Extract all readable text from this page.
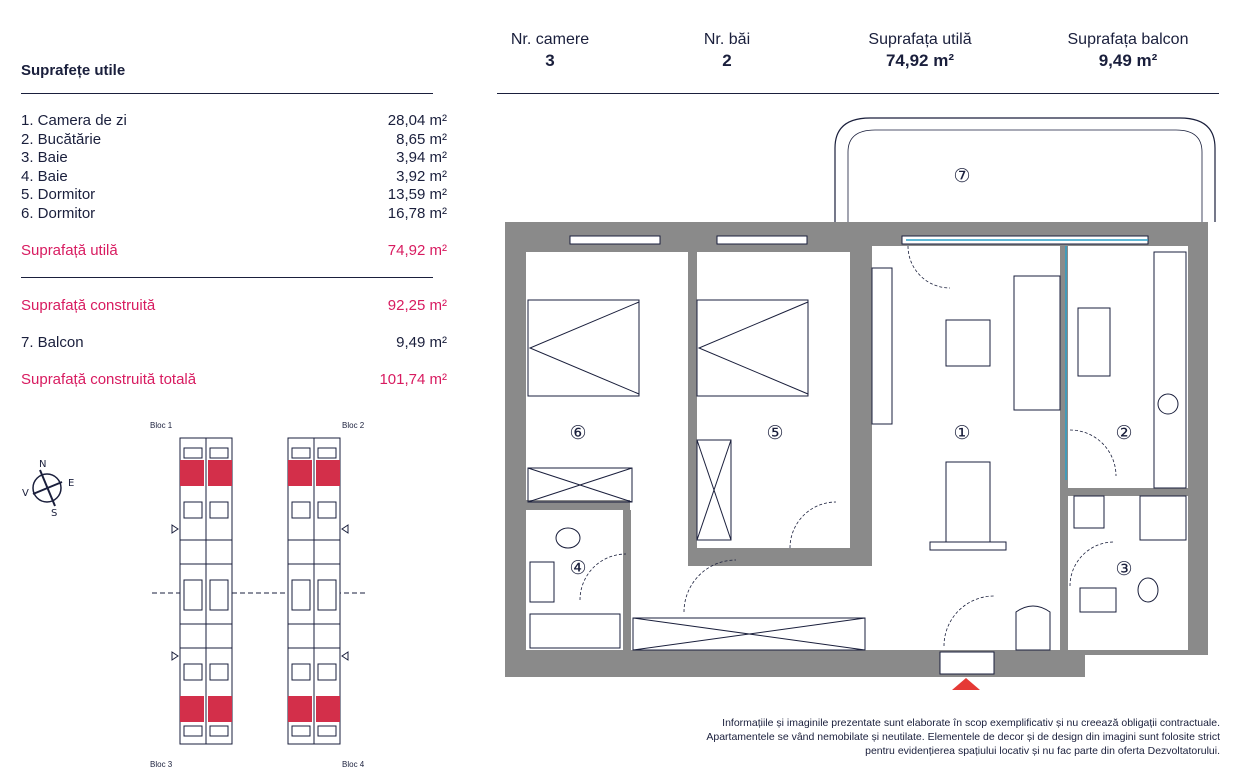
Suprafețe utile
1. Camera de zi	28,04 m²
2. Bucătărie	8,65 m²
3. Baie	3,94 m²
4. Baie	3,92 m²
5. Dormitor	13,59 m²
6. Dormitor	16,78 m²
Suprafață utilă	74,92 m²
Suprafață construită	92,25 m²
7. Balcon	9,49 m²
Suprafață construită totală	101,74 m²
Nr. camere
3
Nr. băi
2
Suprafața utilă
74,92 m²
Suprafața balcon
9,49 m²
Bloc 1	Bloc 2
Bloc 3	Bloc 4
N
E
S
V
①	②
③
④
⑤
⑥
⑦
Informațiile și imaginile prezentate sunt elaborate în scop exemplificativ și nu creează obligații contractuale.
Apartamentele se vând nemobilate și neutilate. Elementele de decor și de design din imagini sunt folosite strict
pentru evidențierea spațiului locativ și nu fac parte din oferta Dezvoltatorului.
